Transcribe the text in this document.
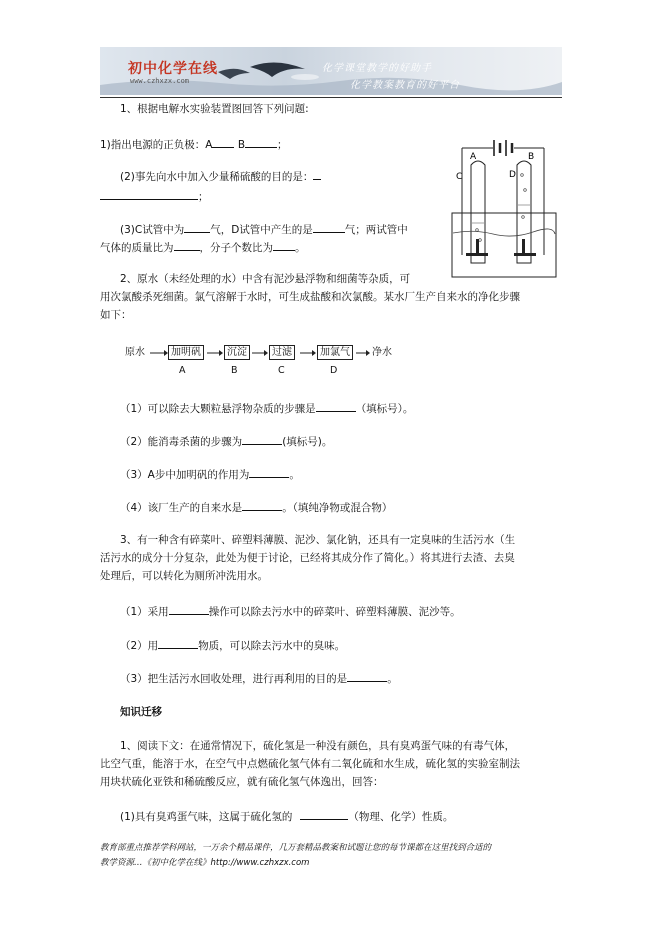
初中化学在线
www.czhxzx.com
化学课堂教学的好助手
化学教案教育的好平台
1、根据电解水实验装置图回答下列问题:
1)指出电源的正负极：A B	；
(2)事先向水中加入少量稀硫酸的目的是：
；
(3)C试管中为 气，D试管中产生的是	气；两试管中
气体的质量比为 ，分子个数比为 。
A	B
C	D
2、原水（未经处理的水）中含有泥沙悬浮物和细菌等杂质，可
用次氯酸杀死细菌。氯气溶解于水时，可生成盐酸和次氯酸。某水厂生产自来水的净化步骤
如下：
原水	加明矾	沉淀	过滤	加氯气	净水
A	B	C	D
（1）可以除去大颗粒悬浮物杂质的步骤是	（填标号）。
（2）能消毒杀菌的步骤为	(填标号)。
（3）A步中加明矾的作用为	。
（4）该厂生产的自来水是	。（填纯净物或混合物）
3、有一种含有碎菜叶、碎塑料薄膜、泥沙、氯化钠，还具有一定臭味的生活污水（生
活污水的成分十分复杂，此处为便于讨论，已经将其成分作了简化。）将其进行去渣、去臭
处理后，可以转化为厕所冲洗用水。
（1）采用	操作可以除去污水中的碎菜叶、碎塑料薄膜、泥沙等。
（2）用	物质，可以除去污水中的臭味。
（3）把生活污水回收处理，进行再利用的目的是	。
知识迁移
1、阅读下文：在通常情况下，硫化氢是一种没有颜色，具有臭鸡蛋气味的有毒气体，
比空气重，能溶于水，在空气中点燃硫化氢气体有二氧化硫和水生成，硫化氢的实验室制法
用块状硫化亚铁和稀硫酸反应，就有硫化氢气体逸出，回答：
(1)具有臭鸡蛋气味，这属于硫化氢的	（物理、化学）性质。
教育部重点推荐学科网站，一万余个精品课件，几万套精品教案和试题让您的每节课都在这里找到合适的
教学资源…《初中化学在线》http://www.czhxzx.com
